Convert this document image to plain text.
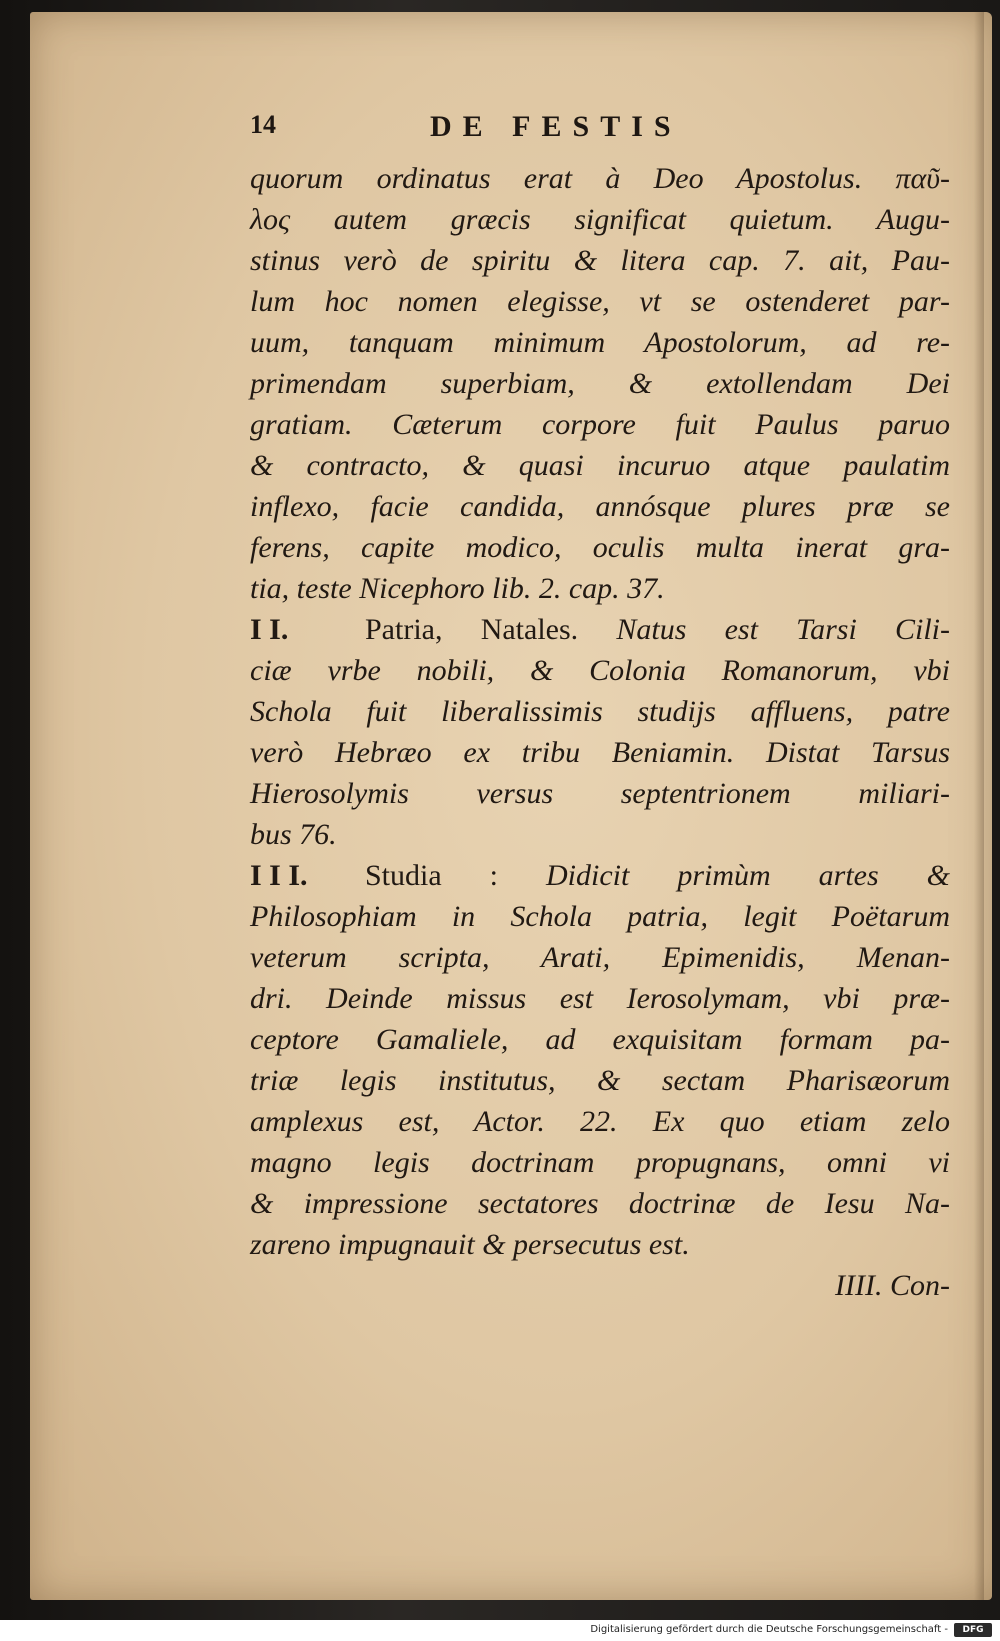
14	DE FESTIS
quorum ordinatus erat à Deo Apostolus. παῦ-
λος autem græcis significat quietum. Augu-
stinus verò de spiritu & litera cap. 7. ait, Pau-
lum hoc nomen elegisse, vt se ostenderet par-
uum, tanquam minimum Apostolorum, ad re-
primendam superbiam, & extollendam Dei
gratiam. Cæterum corpore fuit Paulus paruo
& contracto, & quasi incuruo atque paulatim
inflexo, facie candida, annósque plures præ se
ferens, capite modico, oculis multa inerat gra-
tia, teste Nicephoro lib. 2. cap. 37.
I I.	Patria, Natales. Natus est Tarsi Cili-
ciæ vrbe nobili, & Colonia Romanorum, vbi
Schola fuit liberalissimis studijs affluens, patre
verò Hebræo ex tribu Beniamin. Distat Tarsus
Hierosolymis versus septentrionem miliari-
bus 76.
I I I. Studia : Didicit primùm artes &
Philosophiam in Schola patria, legit Poëtarum
veterum scripta, Arati, Epimenidis, Menan-
dri. Deinde missus est Ierosolymam, vbi præ-
ceptore Gamaliele, ad exquisitam formam pa-
triæ legis institutus, & sectam Pharisæorum
amplexus est, Actor. 22. Ex quo etiam zelo
magno legis doctrinam propugnans, omni vi
& impressione sectatores doctrinæ de Iesu Na-
zareno impugnauit & persecutus est.
IIII. Con-
Digitalisierung gefördert durch die Deutsche Forschungsgemeinschaft -	DFG
